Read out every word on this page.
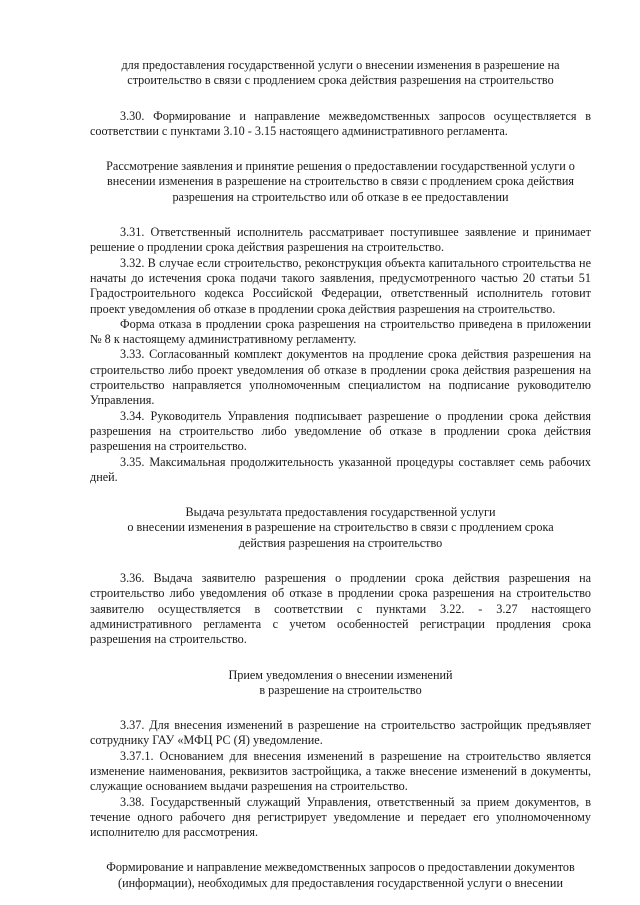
для предоставления государственной услуги о внесении изменения в разрешение на

строительство в связи с продлением срока действия разрешения на строительство

3.30. Формирование и направление межведомственных запросов осуществляется в соответствии с пунктами 3.10 - 3.15 настоящего административного регламента.

Рассмотрение заявления и принятие решения о предоставлении государственной услуги о

внесении изменения в разрешение на строительство в связи с продлением срока действия

разрешения на строительство или об отказе в ее предоставлении

3.31. Ответственный исполнитель рассматривает поступившее заявление и принимает решение о продлении срока действия разрешения на строительство.

3.32. В случае если строительство, реконструкция объекта капитального строительства не начаты до истечения срока подачи такого заявления, предусмотренного частью 20 статьи 51 Градостроительного кодекса Российской Федерации, ответственный исполнитель готовит проект уведомления об отказе в продлении срока действия разрешения на строительство.

Форма отказа в продлении срока разрешения на строительство приведена в приложении № 8 к настоящему административному регламенту.

3.33. Согласованный комплект документов на продление срока действия разрешения на строительство либо проект уведомления об отказе в продлении срока действия разрешения на строительство направляется уполномоченным специалистом на подписание руководителю Управления.

3.34. Руководитель Управления подписывает разрешение о продлении срока действия разрешения на строительство либо уведомление об отказе в продлении срока действия разрешения на строительство.

3.35. Максимальная продолжительность указанной процедуры составляет семь рабочих дней.

Выдача результата предоставления государственной услуги

о внесении изменения в разрешение на строительство в связи с продлением срока

действия разрешения на строительство

3.36. Выдача заявителю разрешения о продлении срока действия разрешения на строительство либо уведомления об отказе в продлении срока разрешения на строительство заявителю осуществляется в соответствии с пунктами 3.22. - 3.27 настоящего административного регламента с учетом особенностей регистрации продления срока разрешения на строительство.

Прием уведомления о внесении изменений

в разрешение на строительство

3.37. Для внесения изменений в разрешение на строительство застройщик предъявляет сотруднику ГАУ «МФЦ РС (Я) уведомление.

3.37.1. Основанием для внесения изменений в разрешение на строительство является изменение наименования, реквизитов застройщика, а также внесение изменений в документы, служащие основанием выдачи разрешения на строительство.

3.38. Государственный служащий Управления, ответственный за прием документов, в течение одного рабочего дня регистрирует уведомление и передает его уполномоченному исполнителю для рассмотрения.

Формирование и направление межведомственных запросов о предоставлении документов

(информации), необходимых для предоставления государственной услуги о внесении
